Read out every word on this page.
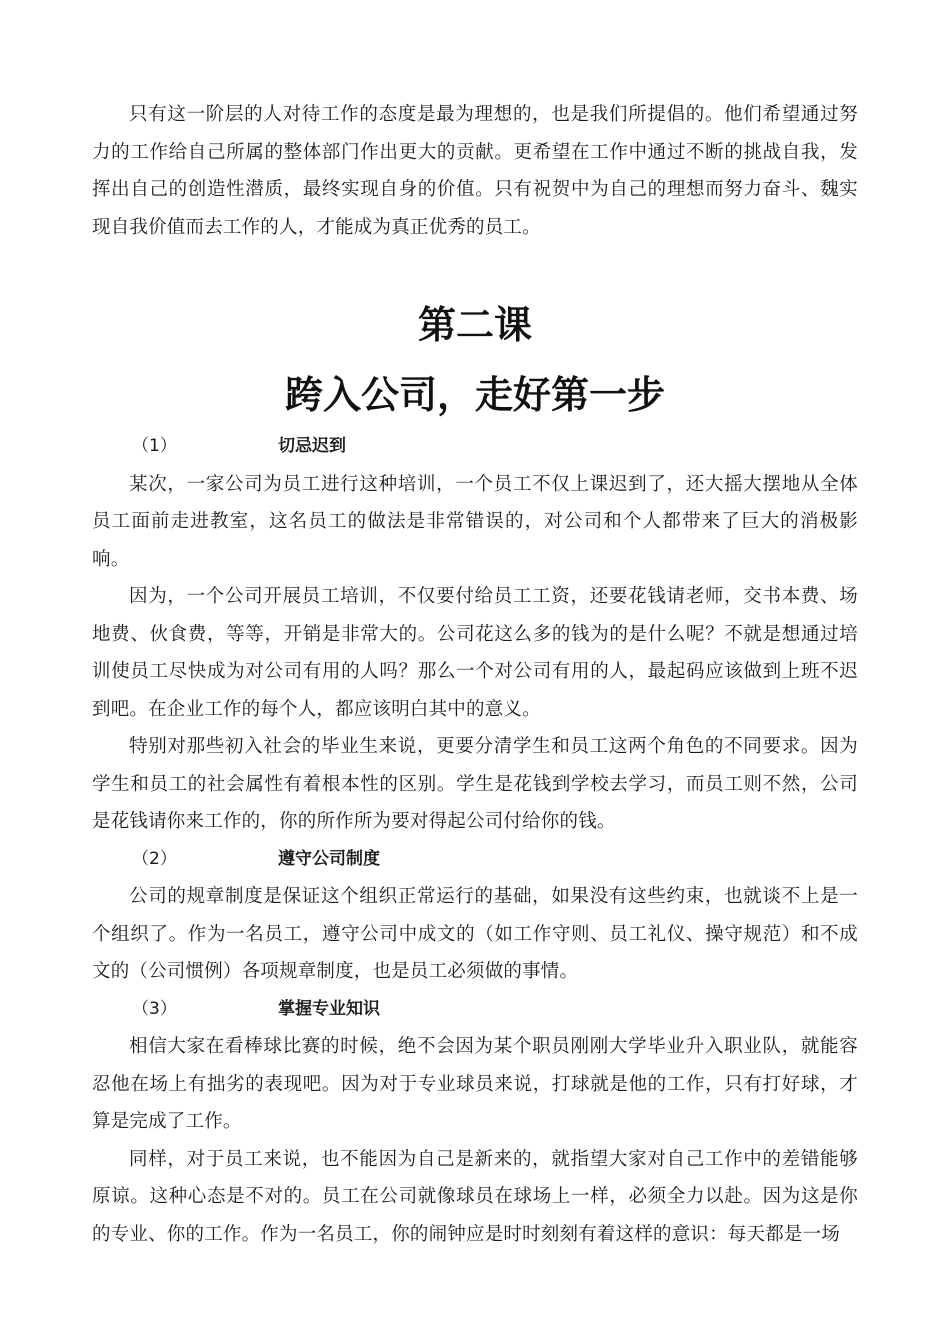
只有这一阶层的人对待工作的态度是最为理想的，也是我们所提倡的。他们希望通过努力的工作给自己所属的整体部门作出更大的贡献。更希望在工作中通过不断的挑战自我，发挥出自己的创造性潜质，最终实现自身的价值。只有祝贺中为自己的理想而努力奋斗、魏实现自我价值而去工作的人，才能成为真正优秀的员工。

第二课
跨入公司，走好第一步
（1）	切忌迟到

某次，一家公司为员工进行这种培训，一个员工不仅上课迟到了，还大摇大摆地从全体员工面前走进教室，这名员工的做法是非常错误的，对公司和个人都带来了巨大的消极影响。

因为，一个公司开展员工培训，不仅要付给员工工资，还要花钱请老师，交书本费、场地费、伙食费，等等，开销是非常大的。公司花这么多的钱为的是什么呢？不就是想通过培训使员工尽快成为对公司有用的人吗？那么一个对公司有用的人，最起码应该做到上班不迟到吧。在企业工作的每个人，都应该明白其中的意义。

特别对那些初入社会的毕业生来说，更要分清学生和员工这两个角色的不同要求。因为学生和员工的社会属性有着根本性的区别。学生是花钱到学校去学习，而员工则不然，公司是花钱请你来工作的，你的所作所为要对得起公司付给你的钱。

（2）	遵守公司制度

公司的规章制度是保证这个组织正常运行的基础，如果没有这些约束，也就谈不上是一个组织了。作为一名员工，遵守公司中成文的（如工作守则、员工礼仪、操守规范）和不成文的（公司惯例）各项规章制度，也是员工必须做的事情。

（3）	掌握专业知识

相信大家在看棒球比赛的时候，绝不会因为某个职员刚刚大学毕业升入职业队，就能容忍他在场上有拙劣的表现吧。因为对于专业球员来说，打球就是他的工作，只有打好球，才算是完成了工作。

同样，对于员工来说，也不能因为自己是新来的，就指望大家对自己工作中的差错能够原谅。这种心态是不对的。员工在公司就像球员在球场上一样，必须全力以赴。因为这是你的专业、你的工作。作为一名员工，你的闹钟应是时时刻刻有着这样的意识：每天都是一场
